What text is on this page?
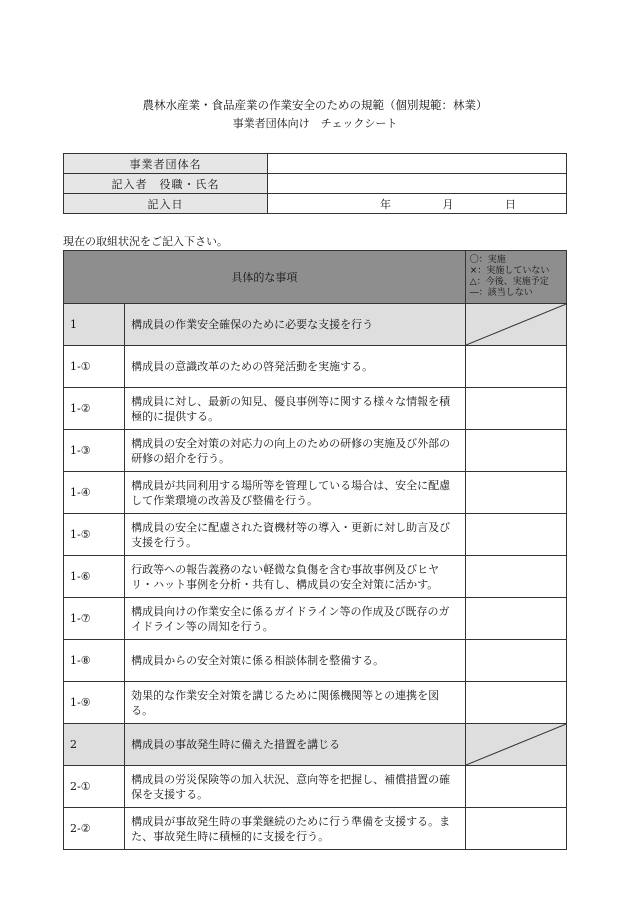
農林水産業・食品産業の作業安全のための規範（個別規範：林業）
事業者団体向け　チェックシート
事業者団体名	
記入者　役職・氏名	
記入日	年 月 日
現在の取組状況をご記入下さい。
具体的な事項		〇：実施
×：実施していない
△：今後、実施予定
―：該当しない

1	構成員の作業安全確保のために必要な支援を行う	

1-①	構成員の意識改革のための啓発活動を実施する。	
1-②	構成員に対し、最新の知見、優良事例等に関する様々な情報を積極的に提供する。	
1-③	構成員の安全対策の対応力の向上のための研修の実施及び外部の研修の紹介を行う。	
1-④	構成員が共同利用する場所等を管理している場合は、安全に配慮して作業環境の改善及び整備を行う。	
1-⑤	構成員の安全に配慮された資機材等の導入・更新に対し助言及び支援を行う。	
1-⑥	行政等への報告義務のない軽微な負傷を含む事故事例及びヒヤリ・ハット事例を分析・共有し、構成員の安全対策に活かす。	
1-⑦	構成員向けの作業安全に係るガイドライン等の作成及び既存のガイドライン等の周知を行う。	
1-⑧	構成員からの安全対策に係る相談体制を整備する。	
1-⑨	効果的な作業安全対策を講じるために関係機関等との連携を図る。	
2	構成員の事故発生時に備えた措置を講じる	

2-①	構成員の労災保険等の加入状況、意向等を把握し、補償措置の確保を支援する。	
2-②	構成員が事故発生時の事業継続のために行う準備を支援する。また、事故発生時に積極的に支援を行う。	
